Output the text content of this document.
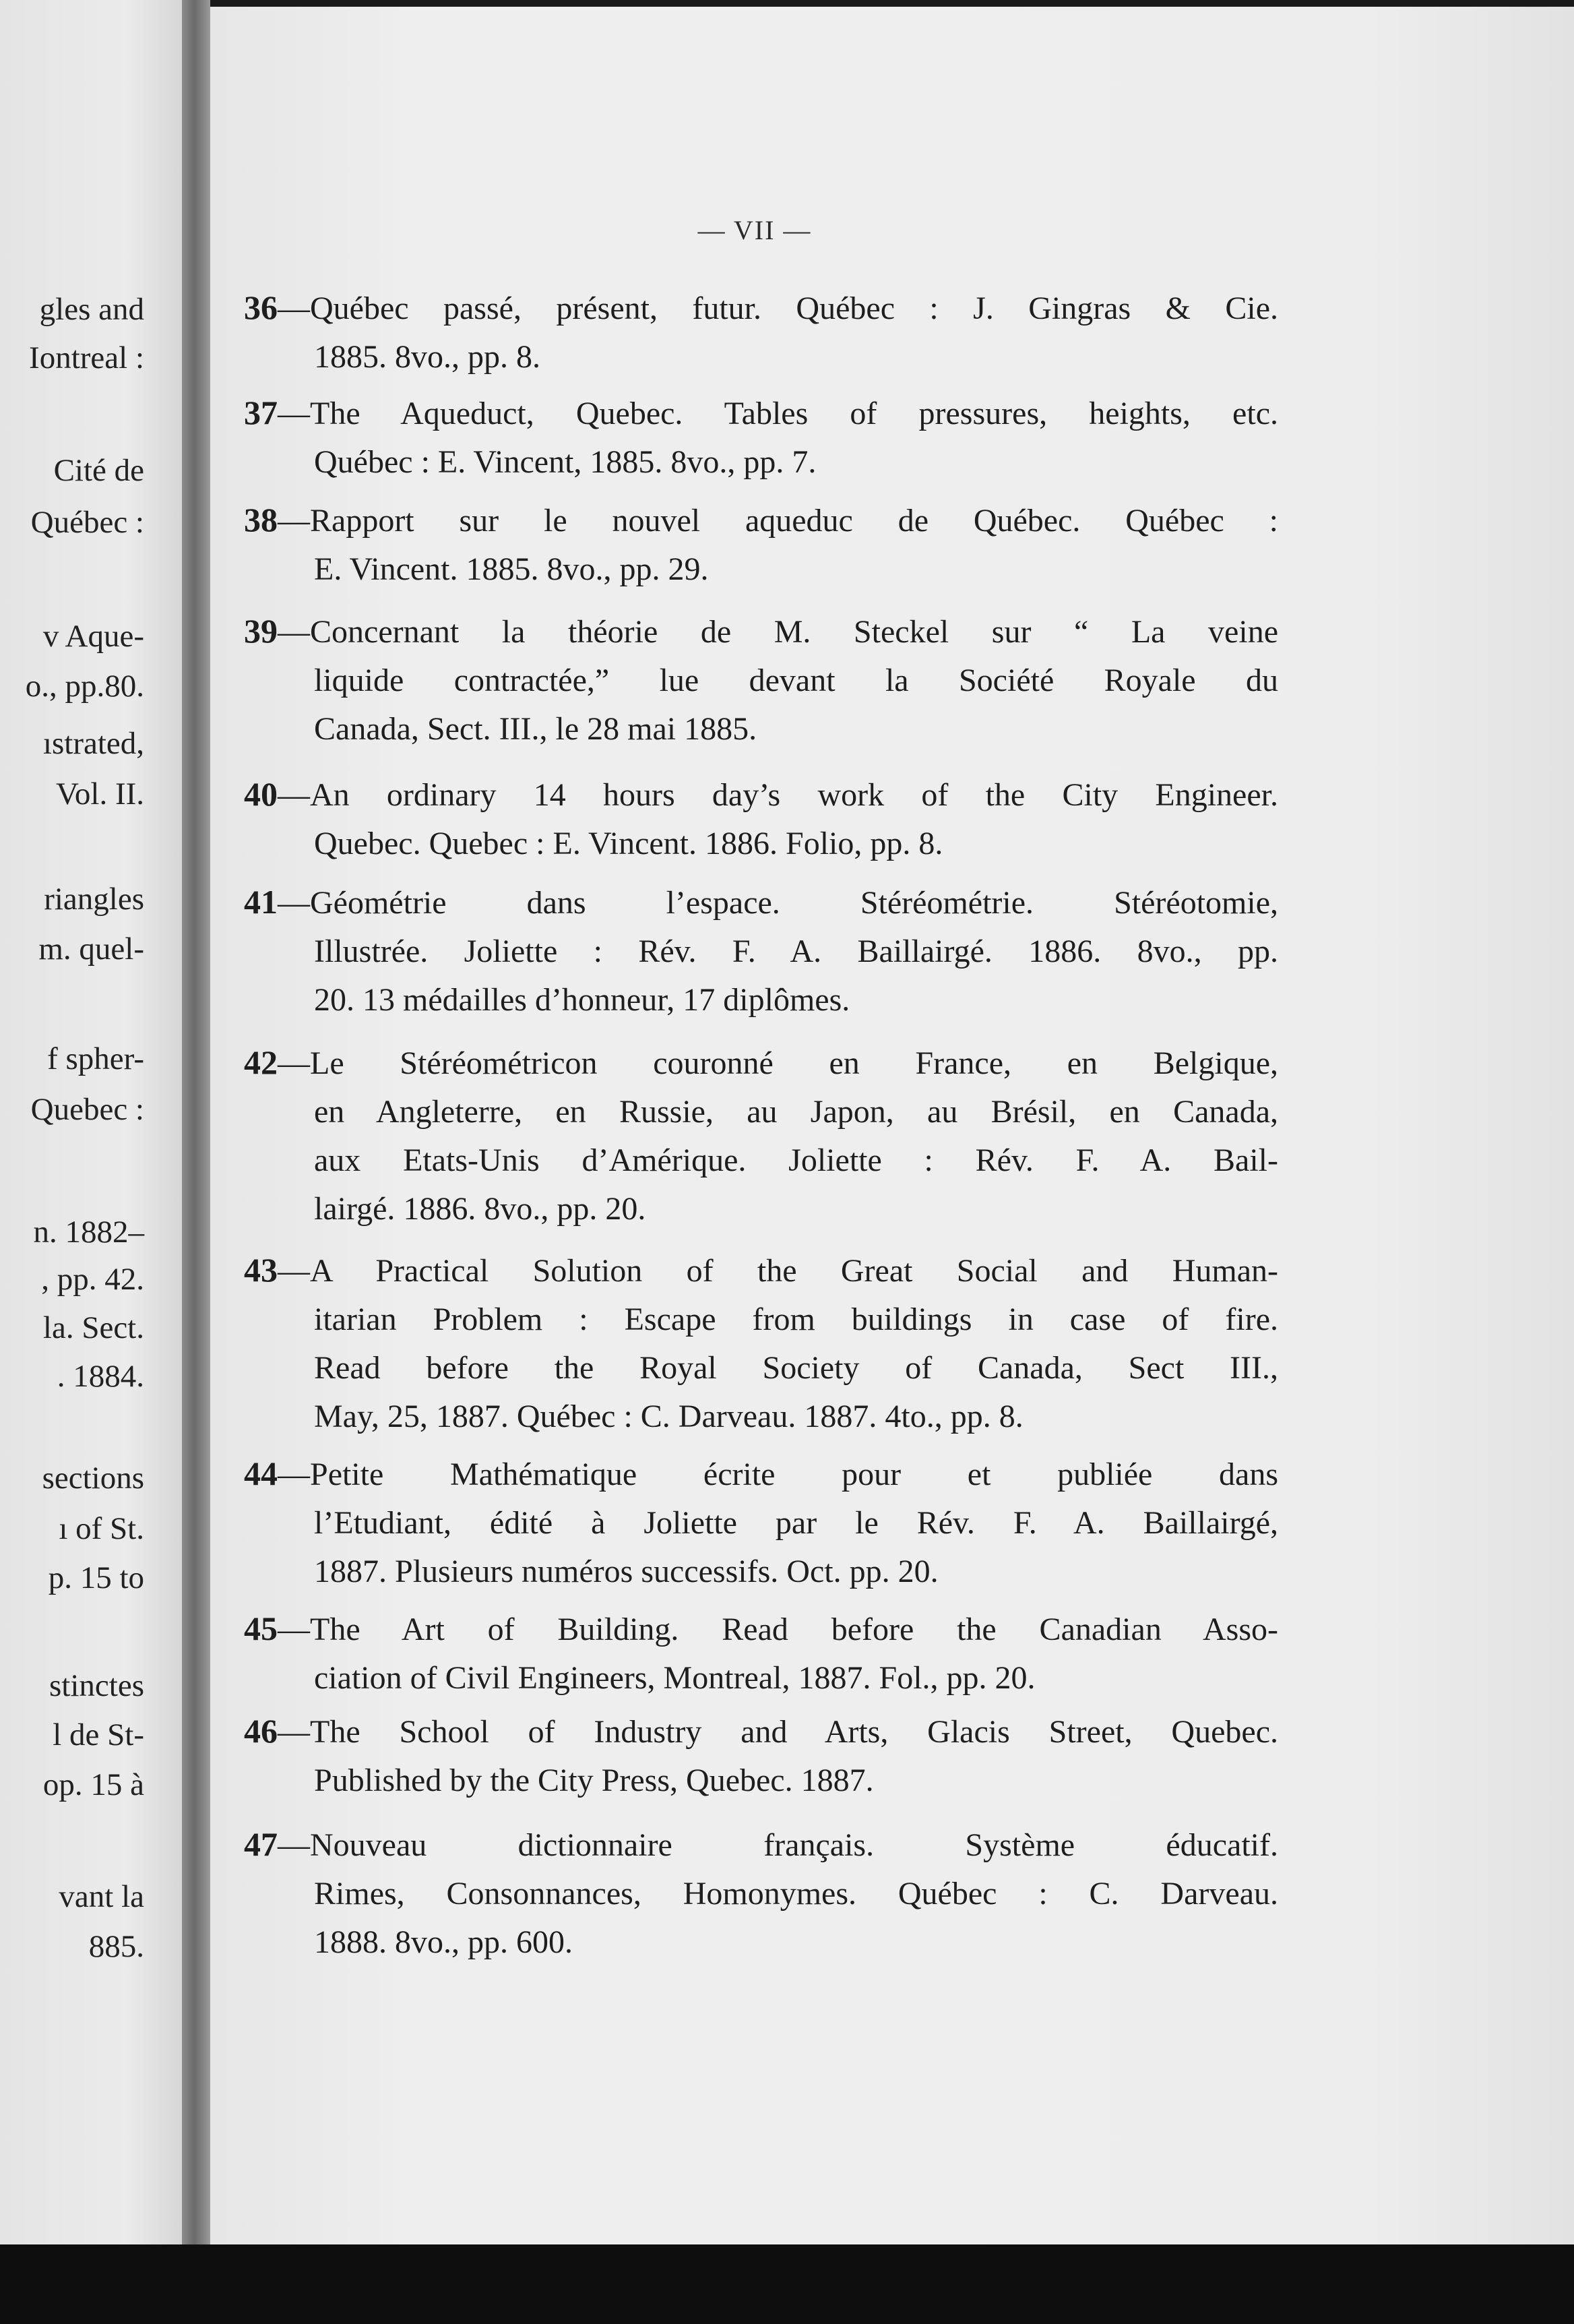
gles and
Iontreal :
Cité de
Québec :
v Aque-
o., pp.80.
ıstrated,
Vol. II.
riangles
m. quel-
f spher-
Quebec :
n. 1882–
, pp. 42.
la. Sect.
. 1884.
sections
ı of St.
p. 15 to
stinctes
l de St-
op. 15 à
vant la
885.
— VII —
36—Québec passé, présent, futur. Québec : J. Gingras & Cie.
1885. 8vo., pp. 8.
37—The Aqueduct, Quebec. Tables of pressures, heights, etc.
Québec : E. Vincent, 1885. 8vo., pp. 7.
38—Rapport sur le nouvel aqueduc de Québec. Québec :
E. Vincent. 1885. 8vo., pp. 29.
39—Concernant la théorie de M. Steckel sur “ La veine
liquide contractée,” lue devant la Société Royale du
Canada, Sect. III., le 28 mai 1885.
40—An ordinary 14 hours day’s work of the City Engineer.
Quebec. Quebec : E. Vincent. 1886. Folio, pp. 8.
41—Géométrie dans l’espace. Stéréométrie. Stéréotomie,
Illustrée. Joliette : Rév. F. A. Baillairgé. 1886. 8vo., pp.
20. 13 médailles d’honneur, 17 diplômes.
42—Le Stéréométricon couronné en France, en Belgique,
en Angleterre, en Russie, au Japon, au Brésil, en Canada,
aux Etats-Unis d’Amérique. Joliette : Rév. F. A. Bail-
lairgé. 1886. 8vo., pp. 20.
43—A Practical Solution of the Great Social and Human-
itarian Problem : Escape from buildings in case of fire.
Read before the Royal Society of Canada, Sect III.,
May, 25, 1887. Québec : C. Darveau. 1887. 4to., pp. 8.
44—Petite Mathématique écrite pour et publiée dans
l’Etudiant, édité à Joliette par le Rév. F. A. Baillairgé,
1887. Plusieurs numéros successifs. Oct. pp. 20.
45—The Art of Building. Read before the Canadian Asso-
ciation of Civil Engineers, Montreal, 1887. Fol., pp. 20.
46—The School of Industry and Arts, Glacis Street, Quebec.
Published by the City Press, Quebec. 1887.
47—Nouveau dictionnaire français. Système éducatif.
Rimes, Consonnances, Homonymes. Québec : C. Darveau.
1888. 8vo., pp. 600.
